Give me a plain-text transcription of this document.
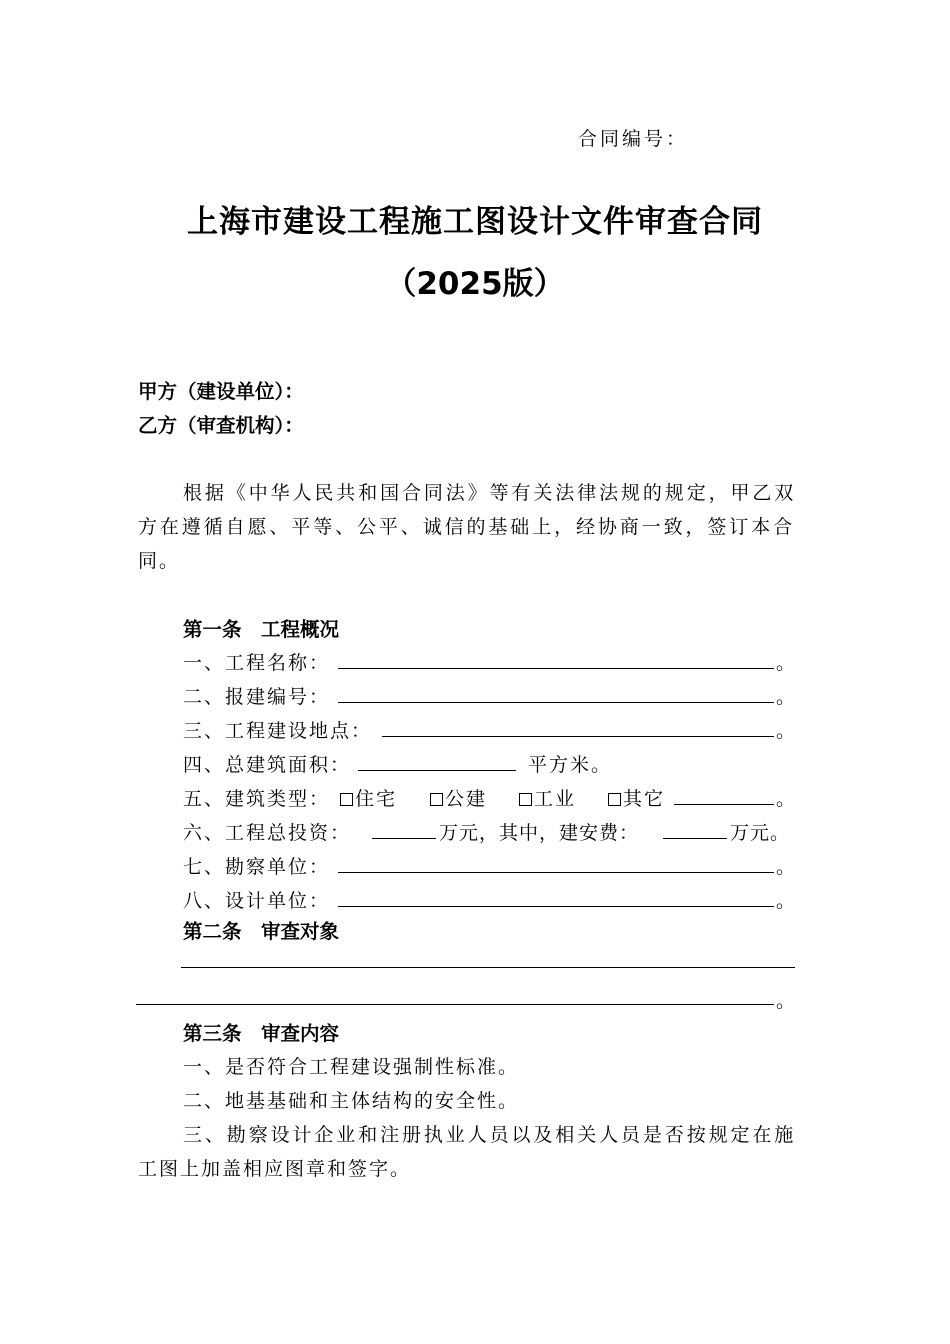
合同编号：
上海市建设工程施工图设计文件审查合同
（2025版）
甲方（建设单位）：
乙方（审查机构）：
根据《中华人民共和国合同法》等有关法律法规的规定，甲乙双
方在遵循自愿、平等、公平、诚信的基础上，经协商一致，签订本合
同。
第一条　工程概况
一、工程名称：	。
二、报建编号：	。
三、工程建设地点：	。
四、总建筑面积：	平方米。
五、建筑类型：	住宅	公建	工业	其它	。
六、工程总投资：	万元，其中，建安费：	万元。
七、勘察单位：	。
八、设计单位：	。
第二条　审查对象
。
第三条　审查内容
一、是否符合工程建设强制性标准。
二、地基基础和主体结构的安全性。
三、勘察设计企业和注册执业人员以及相关人员是否按规定在施
工图上加盖相应图章和签字。
